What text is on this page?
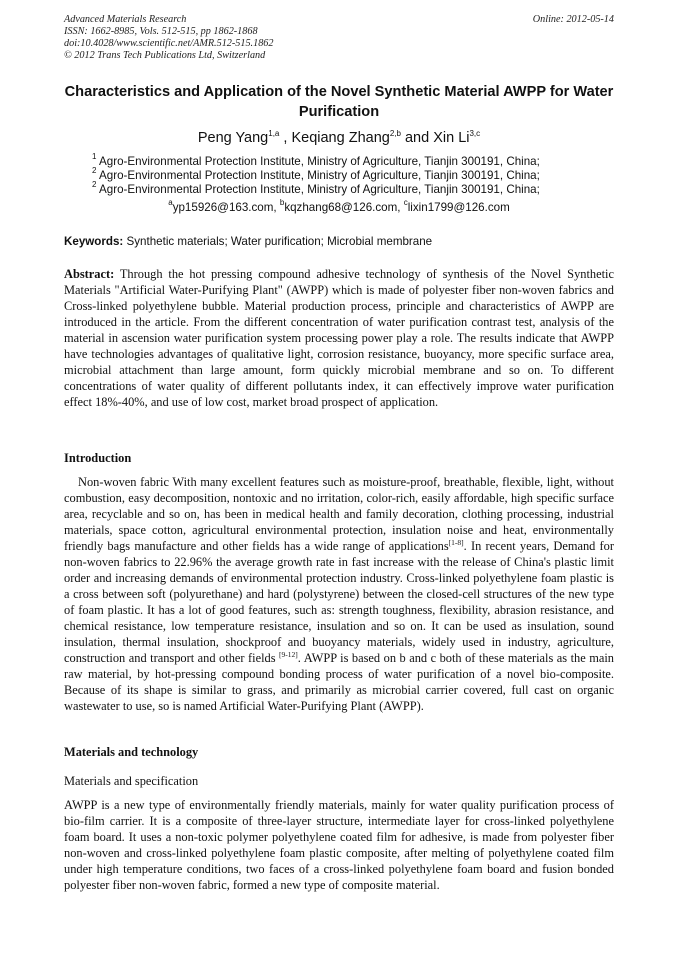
Advanced Materials Research
ISSN: 1662-8985, Vols. 512-515, pp 1862-1868
doi:10.4028/www.scientific.net/AMR.512-515.1862
© 2012 Trans Tech Publications Ltd, Switzerland
Online: 2012-05-14
Characteristics and Application of the Novel Synthetic Material AWPP for Water Purification
Peng Yang$^{1,a}$ , Keqiang Zhang$^{2,b}$ and Xin Li$^{3,c}$
$^1$ Agro-Environmental Protection Institute, Ministry of Agriculture, Tianjin 300191, China;
$^2$ Agro-Environmental Protection Institute, Ministry of Agriculture, Tianjin 300191, China;
$^2$ Agro-Environmental Protection Institute, Ministry of Agriculture, Tianjin 300191, China;
$^a$yp15926@163.com, $^b$kqzhang68@126.com, $^c$lixin1799@126.com
Keywords: Synthetic materials; Water purification; Microbial membrane
Abstract: Through the hot pressing compound adhesive technology of synthesis of the Novel Synthetic Materials "Artificial Water-Purifying Plant" (AWPP) which is made of polyester fiber non-woven fabrics and Cross-linked polyethylene bubble. Material production process, principle and characteristics of AWPP are introduced in the article. From the different concentration of water purification contrast test, analysis of the material in ascension water purification system processing power play a role. The results indicate that AWPP have technologies advantages of qualitative light, corrosion resistance, buoyancy, more specific surface area, microbial attachment than large amount, form quickly microbial membrane and so on. To different concentrations of water quality of different pollutants index, it can effectively improve water purification effect 18%-40%, and use of low cost, market broad prospect of application.
Introduction
Non-woven fabric With many excellent features such as moisture-proof, breathable, flexible, light, without combustion, easy decomposition, nontoxic and no irritation, color-rich, easily affordable, high specific surface area, recyclable and so on, has been in medical health and family decoration, clothing processing, industrial materials, space cotton, agricultural environmental protection, insulation noise and heat, environmentally friendly bags manufacture and other fields has a wide range of applications[1-8]. In recent years, Demand for non-woven fabrics to 22.96% the average growth rate in fast increase with the release of China's plastic limit order and increasing demands of environmental protection industry. Cross-linked polyethylene foam plastic is a cross between soft (polyurethane) and hard (polystyrene) between the closed-cell structures of the new type of foam plastic. It has a lot of good features, such as: strength toughness, flexibility, abrasion resistance, and chemical resistance, low temperature resistance, insulation and so on. It can be used as insulation, sound insulation, thermal insulation, shockproof and buoyancy materials, widely used in industry, agriculture, construction and transport and other fields [9-12]. AWPP is based on b and c both of these materials as the main raw material, by hot-pressing compound bonding process of water purification of a novel bio-composite. Because of its shape is similar to grass, and primarily as microbial carrier covered, full cast on organic wastewater to use, so is named Artificial Water-Purifying Plant (AWPP).
Materials and technology
Materials and specification
AWPP is a new type of environmentally friendly materials, mainly for water quality purification process of bio-film carrier. It is a composite of three-layer structure, intermediate layer for cross-linked polyethylene foam board. It uses a non-toxic polymer polyethylene coated film for adhesive, is made from polyester fiber non-woven and cross-linked polyethylene foam plastic composite, after melting of polyethylene coated film under high temperature conditions, two faces of a cross-linked polyethylene foam board and fusion bonded polyester fiber non-woven fabric, formed a new type of composite material.
